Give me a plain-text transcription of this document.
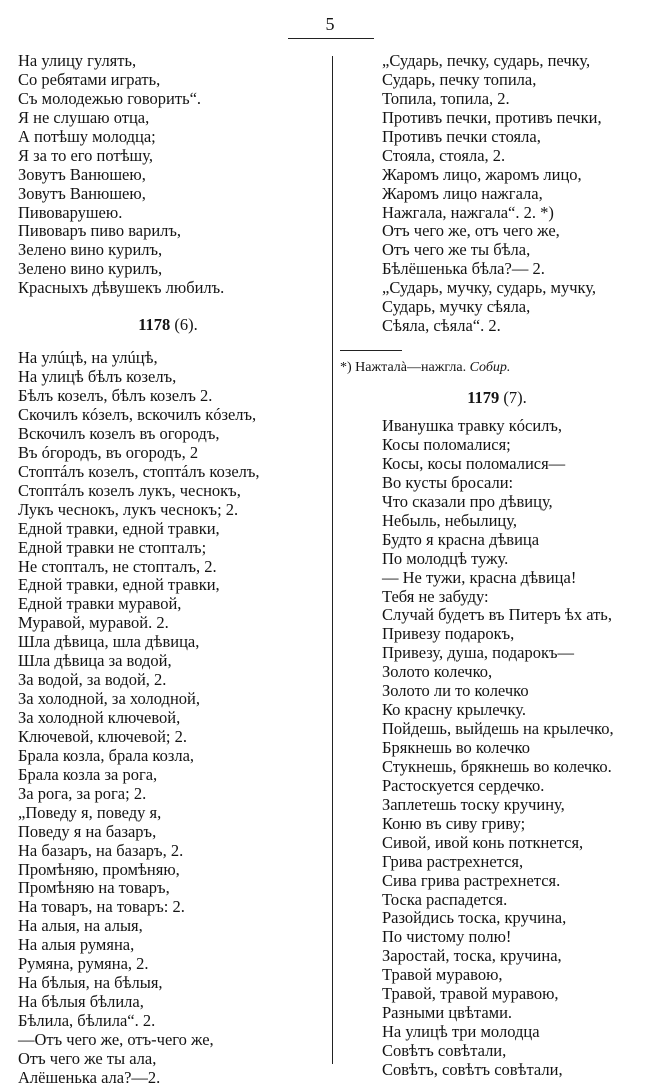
5
На улицу гулять,
Со ребятами играть,
Съ молодежью говорить“.
Я не слушаю отца,
А потѣшу молодца;
Я за то его потѣшу,
Зовутъ Ванюшею,
Зовутъ Ванюшею,
Пивоварушею.
Пивоваръ пиво варилъ,
Зелено вино курилъ,
Зелено вино курилъ,
Красныхъ дѣвушекъ любилъ.
1178 (6).
На улúцѣ, на улúцѣ,
На улицѣ бѣлъ козелъ,
Бѣлъ козелъ, бѣлъ козелъ 2.
Скочилъ кóзелъ, вскочилъ кóзелъ,
Вскочилъ козелъ въ огородъ,
Въ óгородъ, въ огородъ, 2
Стоптáлъ козелъ, стоптáлъ козелъ,
Стоптáлъ козелъ лукъ, чеснокъ,
Лукъ чеснокъ, лукъ чеснокъ; 2.
Едной травки, едной травки,
Едной травки не стопталъ;
Не стопталъ, не стопталъ, 2.
Едной травки, едной травки,
Едной травки муравой,
Муравой, муравой. 2.
Шла дѣвица, шла дѣвица,
Шла дѣвица за водой,
За водой, за водой, 2.
За холодной, за холодной,
За холодной ключевой,
Ключевой, ключевой; 2.
Брала козла, брала козла,
Брала козла за рога,
За рога, за рога; 2.
„Поведу я, поведу я,
Поведу я на базаръ,
На базаръ, на базаръ, 2.
Промѣняю, промѣняю,
Промѣняю на товаръ,
На товаръ, на товаръ: 2.
На алыя, на алыя,
На алыя румяна,
Румяна, румяна, 2.
На бѣлыя, на бѣлыя,
На бѣлыя бѣлила,
Бѣлила, бѣлила“. 2.
—Отъ чего же, отъ-чего же,
Отъ чего же ты ала,
Алёшенька ала?—2.
„Сударь, печку, сударь, печку,
Сударь, печку топила,
Топила, топила, 2.
Противъ печки, противъ печки,
Противъ печки стояла,
Стояла, стояла, 2.
Жаромъ лицо, жаромъ лицо,
Жаромъ лицо нажгала,
Нажгала, нажгала“. 2. *)
Отъ чего же, отъ чего же,
Отъ чего же ты бѣла,
Бѣлёшенька бѣла?— 2.
„Сударь, мучку, сударь, мучку,
Сударь, мучку сѣяла,
Сѣяла, сѣяла“. 2.
*) Нажталà—нажгла. Собир.
1179 (7).
Иванушка травку кóсилъ,
Косы поломалися;
Косы, косы поломалися—
Во кусты бросали:
Что сказали про дѣвицу,
Небыль, небылицу,
Будто я красна дѣвица
По молодцѣ тужу.
— Не тужи, красна дѣвица!
Тебя не забуду:
Случай будетъ въ Питеръ ѣх ать,
Привезу подарокъ,
Привезу, душа, подарокъ—
Золото колечко,
Золото ли то колечко
Ко красну крылечку.
Пойдешь, выйдешь на крылечко,
Брякнешь во колечко
Стукнешь, брякнешь во колечко.
Растоскуется сердечко.
Заплетешь тоску кручину,
Коню въ сиву гриву;
Сивой, ивой конь поткнется,
Грива растрехнется,
Сива грива растрехнется.
Тоска распадется.
Разойдись тоска, кручина,
По чистому полю!
Заростай, тоска, кручина,
Травой муравою,
Травой, травой муравою,
Разными цвѣтами.
На улицѣ три молодца
Совѣтъ совѣтали,
Совѣтъ, совѣтъ совѣтали,
